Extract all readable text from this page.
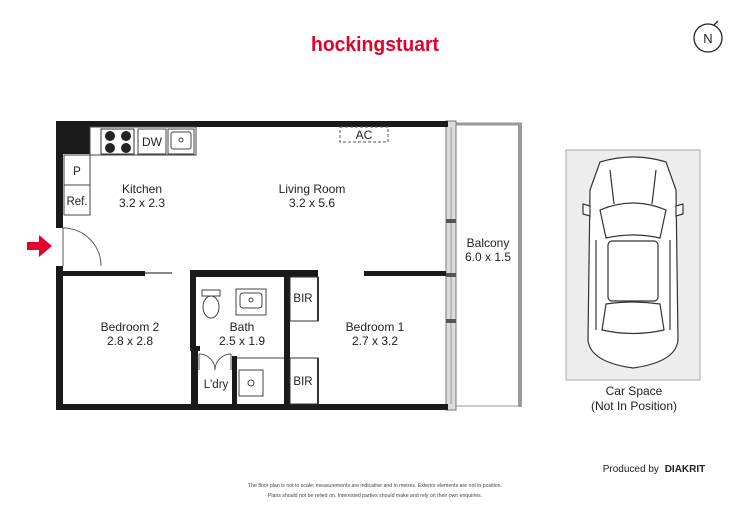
hockingstuart	N
P
Ref.
DW	AC
BIR
BIR
Kitchen
3.2 x 2.3
Living Room
3.2 x 5.6
Balcony
6.0 x 1.5
Bedroom 2
2.8 x 2.8
Bath
2.5 x 1.9
Bedroom 1
2.7 x 3.2
L'dry	Car Space
(Not In Position)
Produced by DIAKRIT
The floor plan is not to scale; measurements are indicative and in metres. Exterior elements are not in position.
Plans should not be relied on. Interested parties should make and rely on their own enquiries.
